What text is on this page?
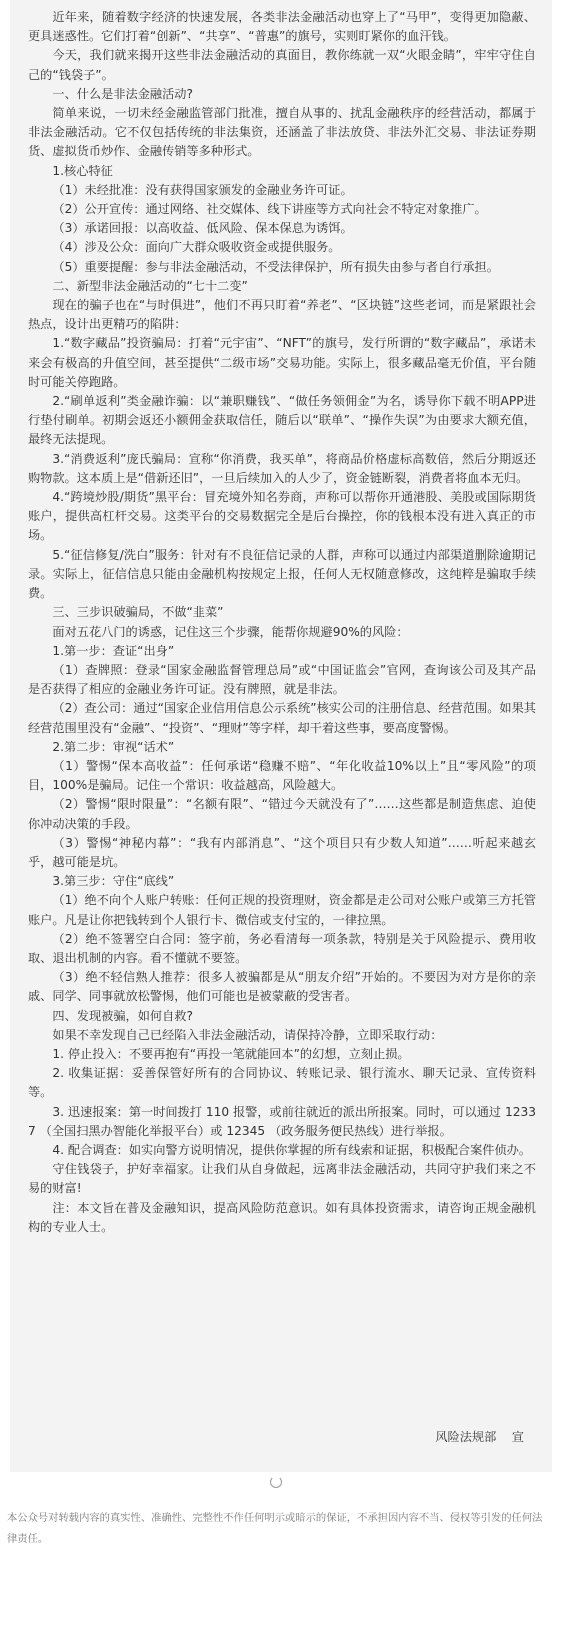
近年来，随着数字经济的快速发展，各类非法金融活动也穿上了“马甲”，变得更加隐蔽、更具迷惑性。它们打着“创新”、“共享”、“普惠”的旗号，实则盯紧你的血汗钱。

今天，我们就来揭开这些非法金融活动的真面目，教你练就一双“火眼金睛”，牢牢守住自己的“钱袋子”。

一、什么是非法金融活动?

简单来说，一切未经金融监管部门批准，擅自从事的、扰乱金融秩序的经营活动，都属于非法金融活动。它不仅包括传统的非法集资，还涵盖了非法放贷、非法外汇交易、非法证券期货、虚拟货币炒作、金融传销等多种形式。

1.核心特征

（1）未经批准：没有获得国家颁发的金融业务许可证。

（2）公开宣传：通过网络、社交媒体、线下讲座等方式向社会不特定对象推广。

（3）承诺回报：以高收益、低风险、保本保息为诱饵。

（4）涉及公众：面向广大群众吸收资金或提供服务。

（5）重要提醒：参与非法金融活动，不受法律保护，所有损失由参与者自行承担。

二、新型非法金融活动的“七十二变”

现在的骗子也在“与时俱进”，他们不再只盯着“养老”、“区块链”这些老词，而是紧跟社会热点，设计出更精巧的陷阱：

1.“数字藏品”投资骗局：打着“元宇宙”、“NFT”的旗号，发行所谓的“数字藏品”，承诺未来会有极高的升值空间，甚至提供“二级市场”交易功能。实际上，很多藏品毫无价值，平台随时可能关停跑路。

2.“刷单返利”类金融诈骗：以“兼职赚钱”、“做任务领佣金”为名，诱导你下载不明APP进行垫付刷单。初期会返还小额佣金获取信任，随后以“联单”、“操作失误”为由要求大额充值，最终无法提现。

3.“消费返利”庞氏骗局：宣称“你消费，我买单”，将商品价格虚标高数倍，然后分期返还购物款。这本质上是“借新还旧”，一旦后续加入的人少了，资金链断裂，消费者将血本无归。

4.“跨境炒股/期货”黑平台：冒充境外知名券商，声称可以帮你开通港股、美股或国际期货账户，提供高杠杆交易。这类平台的交易数据完全是后台操控，你的钱根本没有进入真正的市场。

5.“征信修复/洗白”服务：针对有不良征信记录的人群，声称可以通过内部渠道删除逾期记录。实际上，征信信息只能由金融机构按规定上报，任何人无权随意修改，这纯粹是骗取手续费。

三、三步识破骗局，不做“韭菜”

面对五花八门的诱惑，记住这三个步骤，能帮你规避90%的风险：

1.第一步：查证“出身”

（1）查牌照：登录“国家金融监督管理总局”或“中国证监会”官网，查询该公司及其产品是否获得了相应的金融业务许可证。没有牌照，就是非法。

（2）查公司：通过“国家企业信用信息公示系统”核实公司的注册信息、经营范围。如果其经营范围里没有“金融”、“投资”、“理财”等字样，却干着这些事，要高度警惕。

2.第二步：审视“话术”

（1）警惕“保本高收益”：任何承诺“稳赚不赔”、“年化收益10%以上”且“零风险”的项目，100%是骗局。记住一个常识：收益越高，风险越大。

（2）警惕“限时限量”：“名额有限”、“错过今天就没有了”……这些都是制造焦虑、迫使你冲动决策的手段。

（3）警惕“神秘内幕”：“我有内部消息”、“这个项目只有少数人知道”……听起来越玄乎，越可能是坑。

3.第三步：守住“底线”

（1）绝不向个人账户转账：任何正规的投资理财，资金都是走公司对公账户或第三方托管账户。凡是让你把钱转到个人银行卡、微信或支付宝的，一律拉黑。

（2）绝不签署空白合同：签字前，务必看清每一项条款，特别是关于风险提示、费用收取、退出机制的内容。看不懂就不要签。

（3）绝不轻信熟人推荐：很多人被骗都是从“朋友介绍”开始的。不要因为对方是你的亲戚、同学、同事就放松警惕，他们可能也是被蒙蔽的受害者。

四、发现被骗，如何自救?

如果不幸发现自己已经陷入非法金融活动，请保持冷静，立即采取行动：

1. 停止投入：不要再抱有“再投一笔就能回本”的幻想，立刻止损。

2. 收集证据：妥善保管好所有的合同协议、转账记录、银行流水、聊天记录、宣传资料等。

3. 迅速报案：第一时间拨打 110 报警，或前往就近的派出所报案。同时，可以通过 12337 （全国扫黑办智能化举报平台）或 12345 （政务服务便民热线）进行举报。

4. 配合调查：如实向警方说明情况，提供你掌握的所有线索和证据，积极配合案件侦办。

守住钱袋子，护好幸福家。让我们从自身做起，远离非法金融活动，共同守护我们来之不易的财富!

注：本文旨在普及金融知识，提高风险防范意识。如有具体投资需求，请咨询正规金融机构的专业人士。

风险法规部    宣

本公众号对转载内容的真实性、准确性、完整性不作任何明示或暗示的保证，不承担因内容不当、侵权等引发的任何法律责任。
